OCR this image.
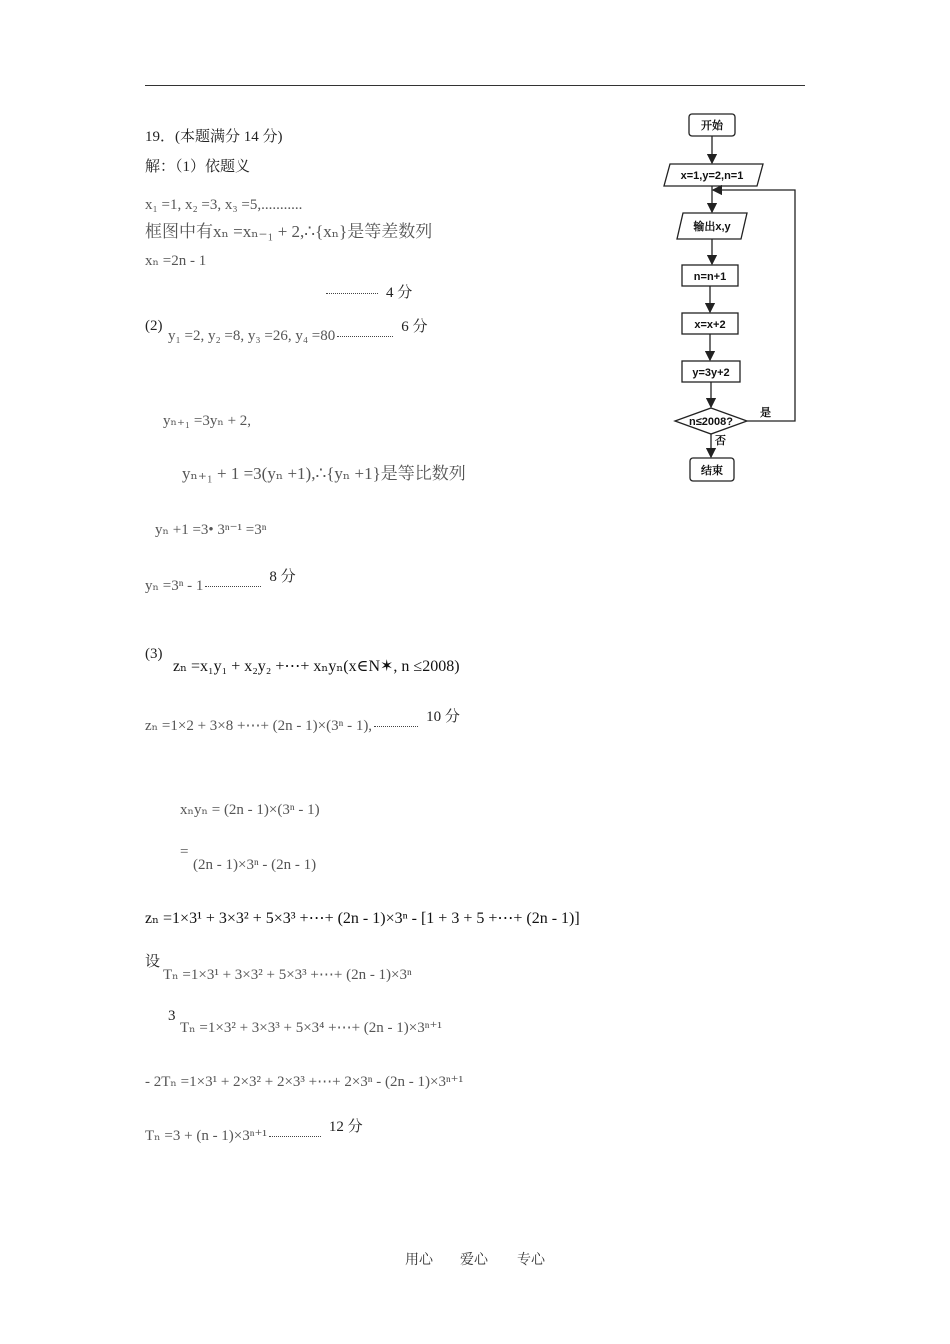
19．(本题满分 14 分)
解：（1）依题义
x₁ =1, x₂ =3, x₃ =5,...........
框图中有xₙ =xₙ₋₁ + 2,∴{xₙ}是等差数列
xₙ =2n - 1
4 分
(2)
y₁ =2, y₂ =8, y₃ =26, y₄ =806 分
yₙ₊₁ =3yₙ + 2,
yₙ₊₁ + 1 =3(yₙ +1),∴{yₙ +1}是等比数列
yₙ +1 =3• 3ⁿ⁻¹ =3ⁿ
yₙ =3ⁿ - 18 分
(3)
zₙ =x₁y₁ + x₂y₂ +⋯+ xₙyₙ(x∈N✶, n ≤2008)
zₙ =1×2 + 3×8 +⋯+ (2n - 1)×(3ⁿ - 1),10 分
xₙyₙ = (2n - 1)×(3ⁿ - 1)
=
(2n - 1)×3ⁿ - (2n - 1)
zₙ =1×3¹ + 3×3² + 5×3³ +⋯+ (2n - 1)×3ⁿ - [1 + 3 + 5 +⋯+ (2n - 1)]
设
Tₙ =1×3¹ + 3×3² + 5×3³ +⋯+ (2n - 1)×3ⁿ
3
Tₙ =1×3² + 3×3³ + 5×3⁴ +⋯+ (2n - 1)×3ⁿ⁺¹
- 2Tₙ =1×3¹ + 2×3² + 2×3³ +⋯+ 2×3ⁿ - (2n - 1)×3ⁿ⁺¹
Tₙ =3 + (n - 1)×3ⁿ⁺¹12 分
开始
x=1,y=2,n=1
输出x,y
n=n+1
x=x+2
y=3y+2
n≤2008?
是
否
结束
用心 爱心 专心
